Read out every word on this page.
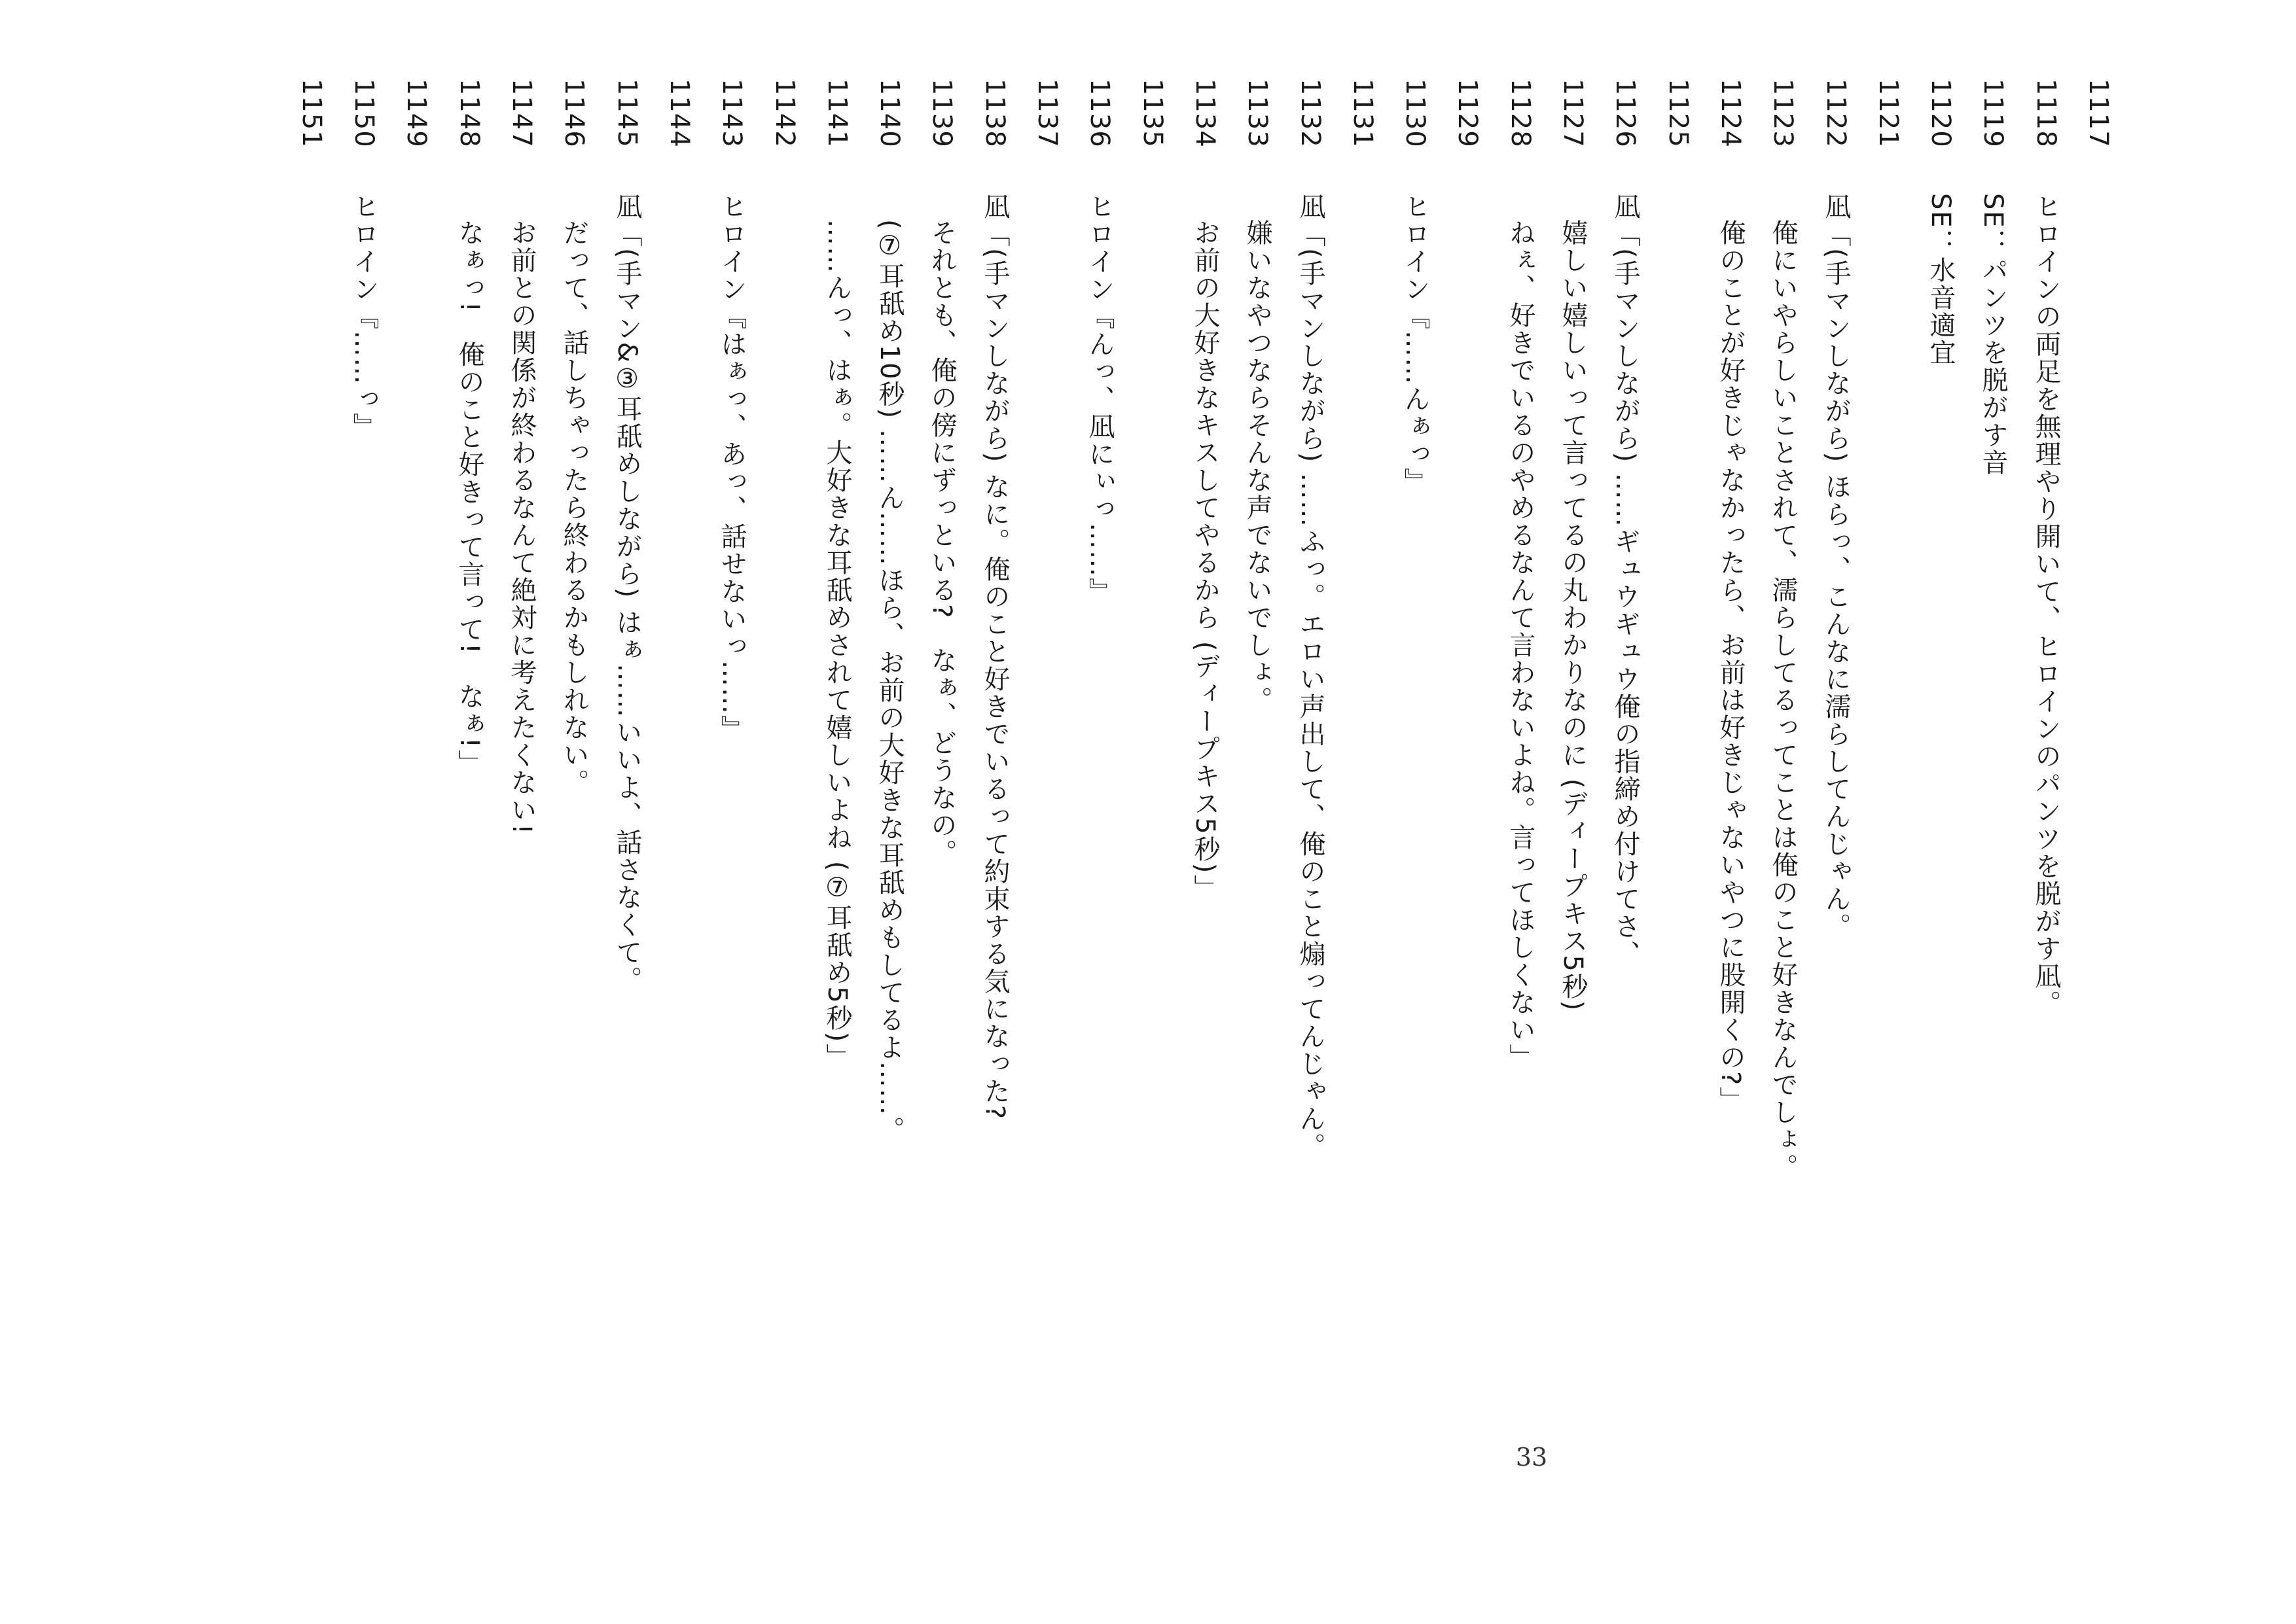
1117
1118ヒロインの両足を無理やり開いて、ヒロインのパンツを脱がす凪。
1119SE：パンツを脱がす音
1120SE：水音適宜
1121
1122凪「(手マンしながら) ほらっ、こんなに濡らしてんじゃん。
1123俺にいやらしいことされて、濡らしてるってことは俺のこと好きなんでしょ。
1124俺のことが好きじゃなかったら、お前は好きじゃないやつに股開くの?」
1125
1126凪「(手マンしながら) ……ギュウギュウ俺の指締め付けてさ、
1127嬉しい嬉しいって言ってるの丸わかりなのに (ディープキス5秒)
1128ねぇ、好きでいるのやめるなんて言わないよね。言ってほしくない」
1129
1130ヒロイン『……んぁっ』
1131
1132凪「(手マンしながら) ……ふっ。エロい声出して、俺のこと煽ってんじゃん。
1133嫌いなやつならそんな声でないでしょ。
1134お前の大好きなキスしてやるから (ディープキス5秒)」
1135
1136ヒロイン『んっ、凪にぃっ……』
1137
1138凪「(手マンしながら) なに。俺のこと好きでいるって約束する気になった?
1139それとも、俺の傍にずっといる?　なぁ、どうなの。
1140(⑦耳舐め10秒) ……ん……ほら、お前の大好きな耳舐めもしてるよ……。
1141……んっ、はぁ。大好きな耳舐めされて嬉しいよね (⑦耳舐め5秒)」
1142
1143ヒロイン『はぁっ、あっ、話せないっ……』
1144
1145凪「(手マン&③耳舐めしながら) はぁ……いいよ、話さなくて。
1146だって、話しちゃったら終わるかもしれない。
1147お前との関係が終わるなんて絶対に考えたくない!
1148なぁっ!　俺のこと好きって言って!　なぁ!」
1149
1150ヒロイン『……っ』
1151
33
